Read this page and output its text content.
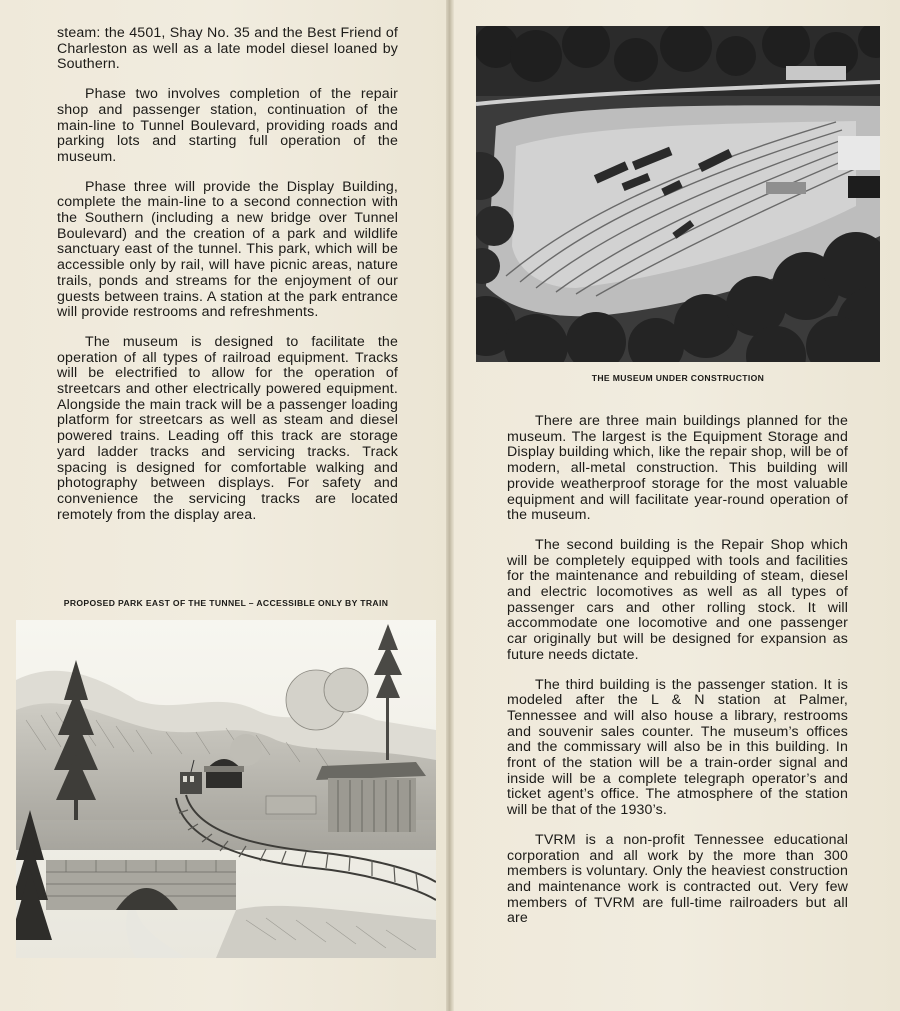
steam: the 4501, Shay No. 35 and the Best Friend of Charleston as well as a late model diesel loaned by Southern.

Phase two involves completion of the repair shop and passenger station, continuation of the main-line to Tunnel Boulevard, providing roads and parking lots and starting full operation of the museum.

Phase three will provide the Display Building, complete the main-line to a second connection with the Southern (including a new bridge over Tunnel Boulevard) and the creation of a park and wildlife sanctuary east of the tunnel. This park, which will be accessible only by rail, will have picnic areas, nature trails, ponds and streams for the enjoyment of our guests between trains. A station at the park entrance will provide restrooms and refreshments.

The museum is designed to facilitate the operation of all types of railroad equipment. Tracks will be electrified to allow for the operation of streetcars and other electrically powered equipment. Alongside the main track will be a passenger loading platform for streetcars as well as steam and diesel powered trains. Leading off this track are storage yard ladder tracks and servicing tracks. Track spacing is designed for comfortable walking and photography between displays. For safety and convenience the servicing tracks are located remotely from the display area.

PROPOSED PARK EAST OF THE TUNNEL – ACCESSIBLE ONLY BY TRAIN
THE MUSEUM UNDER CONSTRUCTION

There are three main buildings planned for the museum. The largest is the Equipment Storage and Display building which, like the repair shop, will be of modern, all-metal construction. This building will provide weatherproof storage for the most valuable equipment and will facilitate year-round operation of the museum.

The second building is the Repair Shop which will be completely equipped with tools and facilities for the maintenance and rebuilding of steam, diesel and electric locomotives as well as all types of passenger cars and other rolling stock. It will accommodate one locomotive and one passenger car originally but will be designed for expansion as future needs dictate.

The third building is the passenger station. It is modeled after the L & N station at Palmer, Tennessee and will also house a library, restrooms and souvenir sales counter. The museum’s offices and the commissary will also be in this building. In front of the station will be a train-order signal and inside will be a complete telegraph operator’s and ticket agent’s office. The atmosphere of the station will be that of the 1930’s.

TVRM is a non-profit Tennessee educational corporation and all work by the more than 300 members is voluntary. Only the heaviest construction and maintenance work is contracted out. Very few members of TVRM are full-time railroaders but all are
